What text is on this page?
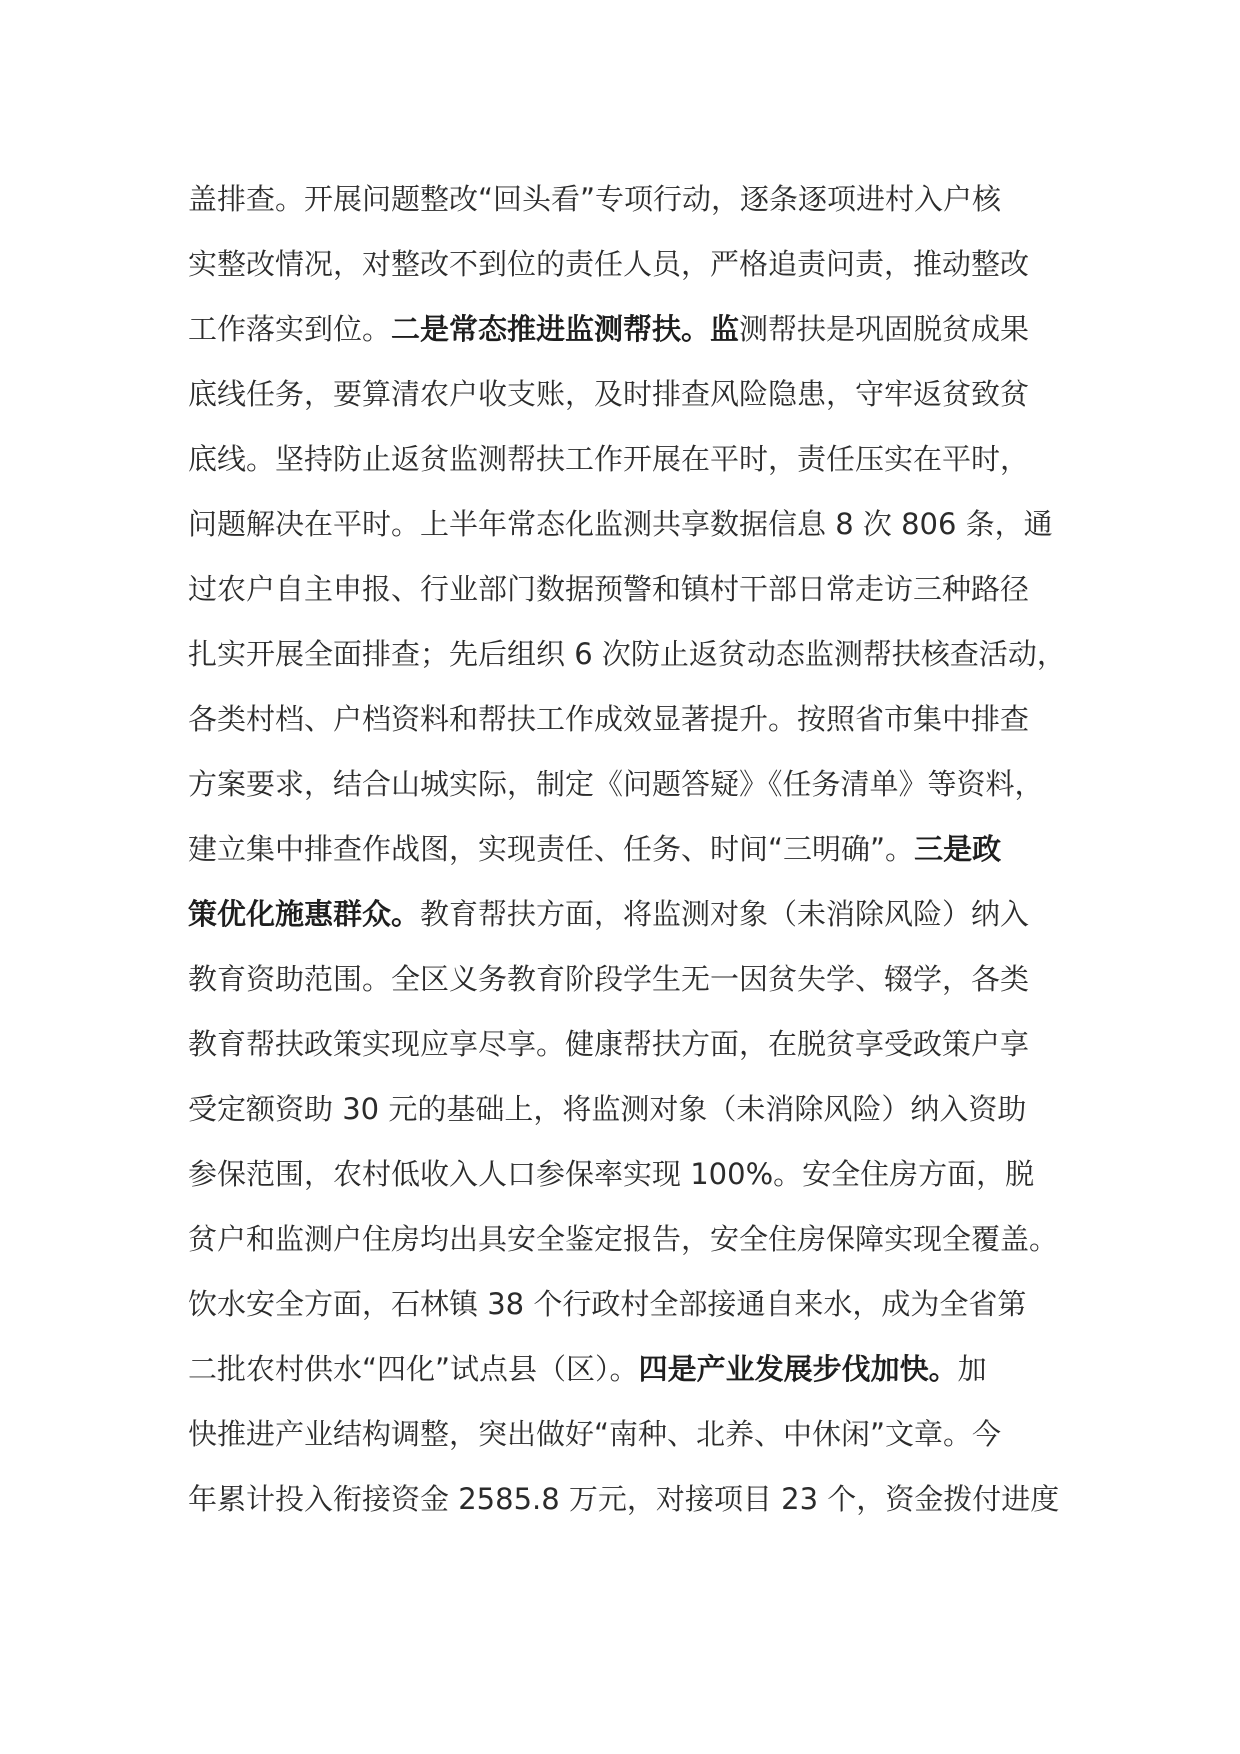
盖排查。开展问题整改“回头看”专项行动，逐条逐项进村入户核
实整改情况，对整改不到位的责任人员，严格追责问责，推动整改
工作落实到位。二是常态推进监测帮扶。监测帮扶是巩固脱贫成果
底线任务，要算清农户收支账，及时排查风险隐患，守牢返贫致贫
底线。坚持防止返贫监测帮扶工作开展在平时，责任压实在平时，
问题解决在平时。上半年常态化监测共享数据信息 8 次 806 条，通
过农户自主申报、行业部门数据预警和镇村干部日常走访三种路径
扎实开展全面排查；先后组织 6 次防止返贫动态监测帮扶核查活动，
各类村档、户档资料和帮扶工作成效显著提升。按照省市集中排查
方案要求，结合山城实际，制定《问题答疑》《任务清单》等资料，
建立集中排查作战图，实现责任、任务、时间“三明确”。三是政
策优化施惠群众。教育帮扶方面，将监测对象（未消除风险）纳入
教育资助范围。全区义务教育阶段学生无一因贫失学、辍学，各类
教育帮扶政策实现应享尽享。健康帮扶方面，在脱贫享受政策户享
受定额资助 30 元的基础上，将监测对象（未消除风险）纳入资助
参保范围，农村低收入人口参保率实现 100%。安全住房方面，脱
贫户和监测户住房均出具安全鉴定报告，安全住房保障实现全覆盖。
饮水安全方面，石林镇 38 个行政村全部接通自来水，成为全省第
二批农村供水“四化”试点县（区）。四是产业发展步伐加快。加
快推进产业结构调整，突出做好“南种、北养、中休闲”文章。今
年累计投入衔接资金 2585.8 万元，对接项目 23 个，资金拨付进度
